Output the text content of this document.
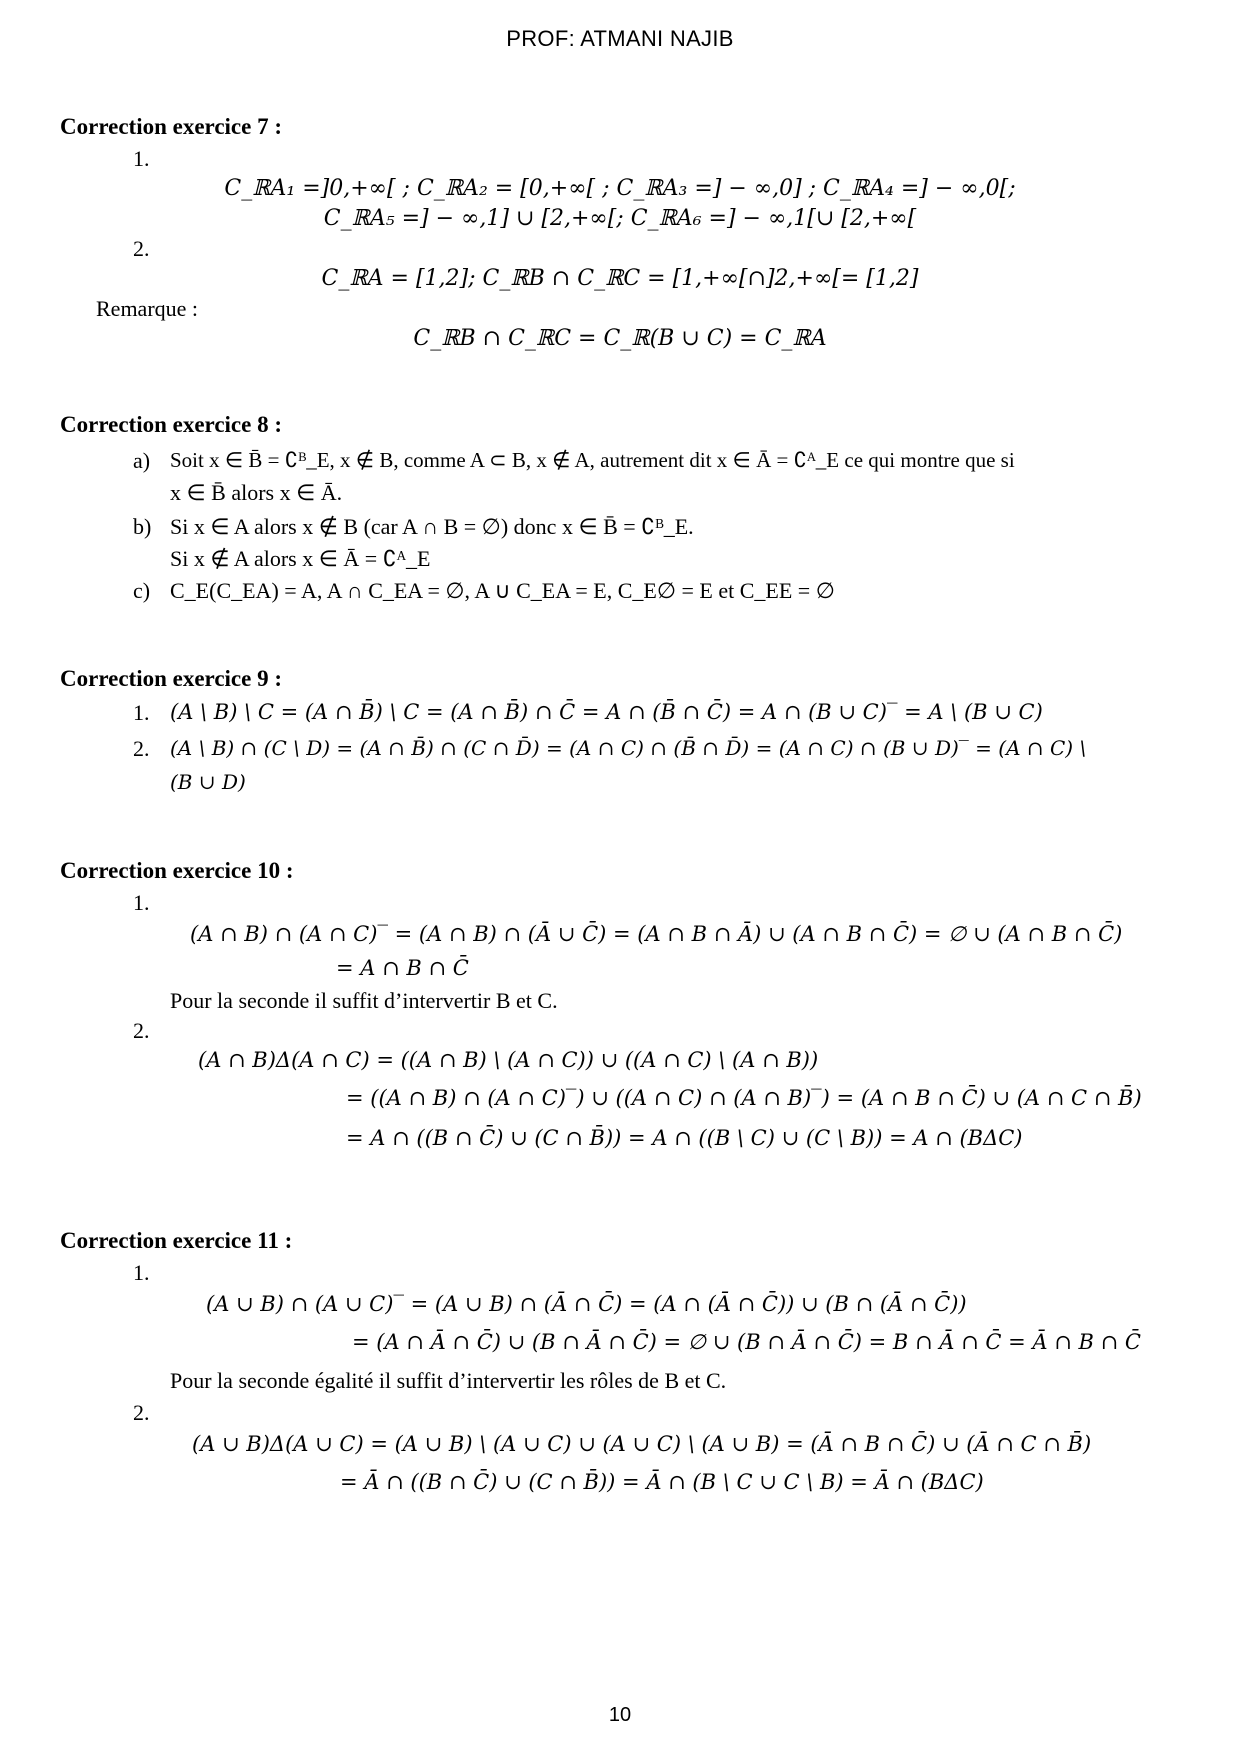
PROF: ATMANI NAJIB
Correction exercice 7 :
1.
C_ℝA₁ =]0,+∞[ ; C_ℝA₂ = [0,+∞[ ; C_ℝA₃ =] − ∞,0] ; C_ℝA₄ =] − ∞,0[;
C_ℝA₅ =] − ∞,1] ∪ [2,+∞[; C_ℝA₆ =] − ∞,1[∪ [2,+∞[
2.
C_ℝA = [1,2]; C_ℝB ∩ C_ℝC = [1,+∞[∩]2,+∞[= [1,2]
Remarque :
C_ℝB ∩ C_ℝC = C_ℝ(B ∪ C) = C_ℝA
Correction exercice 8 :
a) Soit x ∈ B̄ = ∁ᴮ_E, x ∉ B, comme A ⊂ B, x ∉ A, autrement dit x ∈ Ā = ∁ᴬ_E ce qui montre que si
x ∈ B̄ alors x ∈ Ā.
b) Si x ∈ A alors x ∉ B (car A ∩ B = ∅) donc x ∈ B̄ = ∁ᴮ_E.
Si x ∉ A alors x ∈ Ā = ∁ᴬ_E
c) C_E(C_EA) = A, A ∩ C_EA = ∅, A ∪ C_EA = E, C_E∅ = E et C_EE = ∅
Correction exercice 9 :
1. (A \ B) \ C = (A ∩ B̄) \ C = (A ∩ B̄) ∩ C̄ = A ∩ (B̄ ∩ C̄) = A ∩ (B ∪ C)‾ = A \ (B ∪ C)
2. (A \ B) ∩ (C \ D) = (A ∩ B̄) ∩ (C ∩ D̄) = (A ∩ C) ∩ (B̄ ∩ D̄) = (A ∩ C) ∩ (B ∪ D)‾ = (A ∩ C) \
(B ∪ D)
Correction exercice 10 :
1.
(A ∩ B) ∩ (A ∩ C)‾ = (A ∩ B) ∩ (Ā ∪ C̄) = (A ∩ B ∩ Ā) ∪ (A ∩ B ∩ C̄) = ∅ ∪ (A ∩ B ∩ C̄)
= A ∩ B ∩ C̄
Pour la seconde il suffit d’intervertir B et C.
2.
(A ∩ B)Δ(A ∩ C) = ((A ∩ B) \ (A ∩ C)) ∪ ((A ∩ C) \ (A ∩ B))
= ((A ∩ B) ∩ (A ∩ C)‾) ∪ ((A ∩ C) ∩ (A ∩ B)‾) = (A ∩ B ∩ C̄) ∪ (A ∩ C ∩ B̄)
= A ∩ ((B ∩ C̄) ∪ (C ∩ B̄)) = A ∩ ((B \ C) ∪ (C \ B)) = A ∩ (BΔC)
Correction exercice 11 :
1.
(A ∪ B) ∩ (A ∪ C)‾ = (A ∪ B) ∩ (Ā ∩ C̄) = (A ∩ (Ā ∩ C̄)) ∪ (B ∩ (Ā ∩ C̄))
= (A ∩ Ā ∩ C̄) ∪ (B ∩ Ā ∩ C̄) = ∅ ∪ (B ∩ Ā ∩ C̄) = B ∩ Ā ∩ C̄ = Ā ∩ B ∩ C̄
Pour la seconde égalité il suffit d’intervertir les rôles de B et C.
2.
(A ∪ B)Δ(A ∪ C) = (A ∪ B) \ (A ∪ C) ∪ (A ∪ C) \ (A ∪ B) = (Ā ∩ B ∩ C̄) ∪ (Ā ∩ C ∩ B̄)
= Ā ∩ ((B ∩ C̄) ∪ (C ∩ B̄)) = Ā ∩ (B \ C ∪ C \ B) = Ā ∩ (BΔC)
10
